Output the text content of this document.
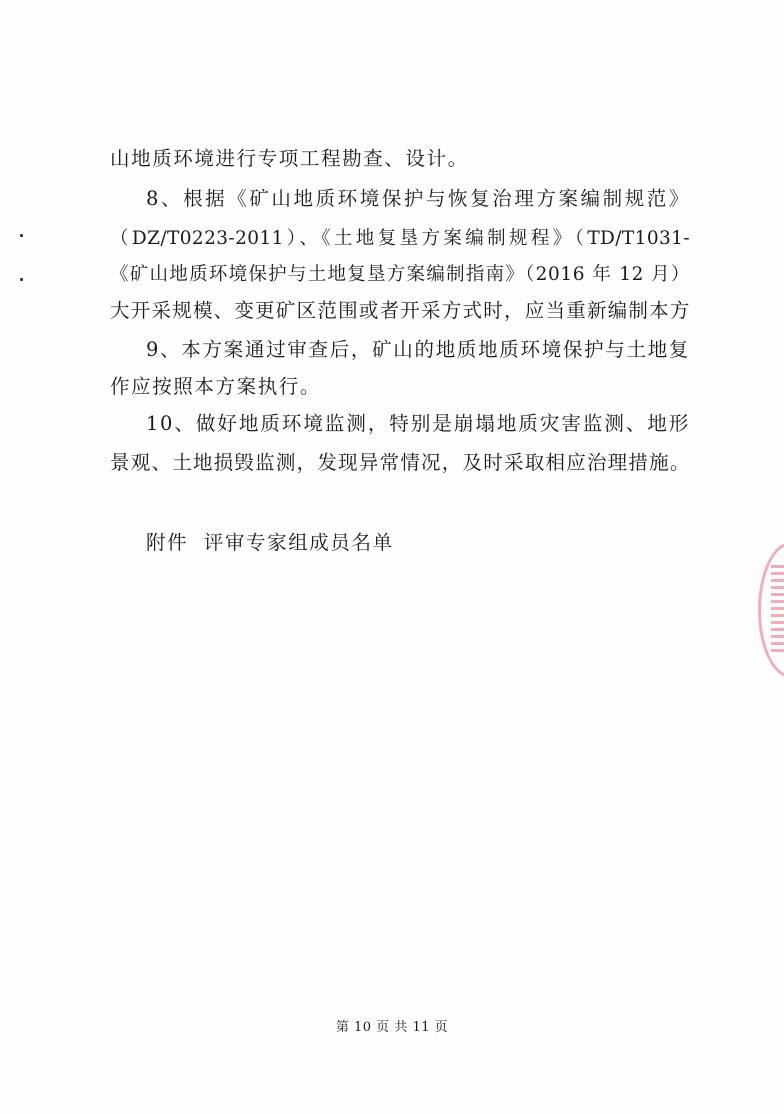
山地质环境进行专项工程勘查、设计。
8、根据《矿山地质环境保护与恢复治理方案编制规范》
（DZ/T0223-2011）、《土地复垦方案编制规程》（TD/T1031-
《矿山地质环境保护与土地复垦方案编制指南》（2016 年 12 月）
大开采规模、变更矿区范围或者开采方式时，应当重新编制本方
9、本方案通过审查后，矿山的地质地质环境保护与土地复
作应按照本方案执行。
10、做好地质环境监测，特别是崩塌地质灾害监测、地形
景观、土地损毁监测，发现异常情况，及时采取相应治理措施。
附件  评审专家组成员名单
第 10 页 共 11 页
